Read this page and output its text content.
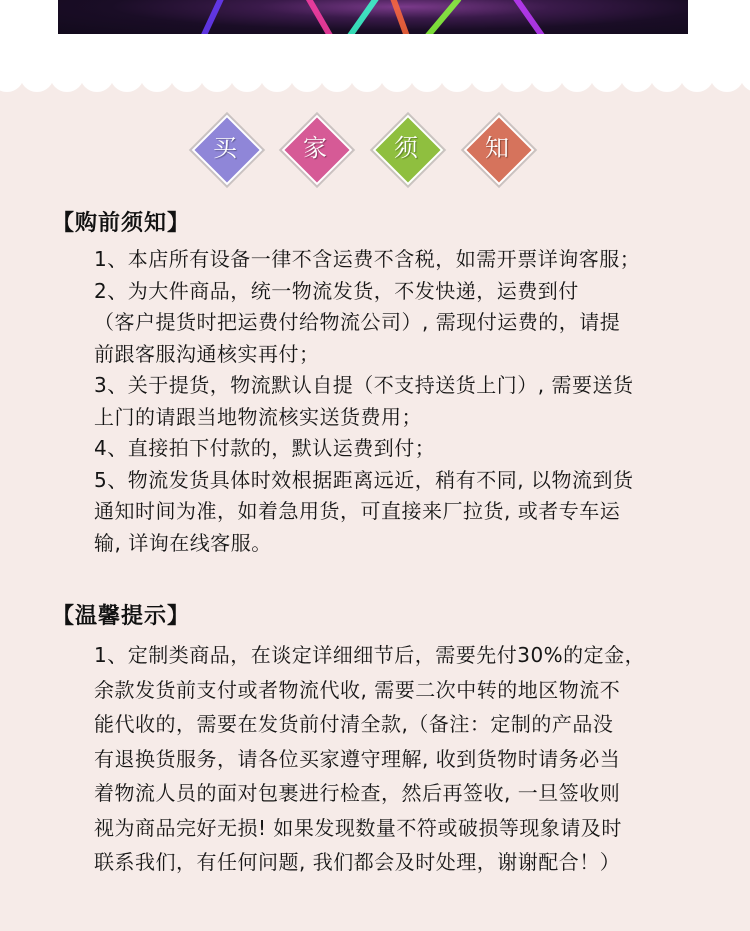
买	家	须	知
【购前须知】
1、本店所有设备一律不含运费不含税，如需开票详询客服；
2、为大件商品，统一物流发货，不发快递，运费到付
（客户提货时把运费付给物流公司）, 需现付运费的，请提
前跟客服沟通核实再付；
3、关于提货，物流默认自提（不支持送货上门）, 需要送货
上门的请跟当地物流核实送货费用；
4、直接拍下付款的，默认运费到付；
5、物流发货具体时效根据距离远近，稍有不同, 以物流到货
通知时间为准，如着急用货，可直接来厂拉货, 或者专车运
输, 详询在线客服。
【温馨提示】
1、定制类商品，在谈定详细细节后，需要先付30%的定金，
余款发货前支付或者物流代收, 需要二次中转的地区物流不
能代收的，需要在发货前付清全款,（备注：定制的产品没
有退换货服务，请各位买家遵守理解, 收到货物时请务必当
着物流人员的面对包裹进行检查，然后再签收, 一旦签收则
视为商品完好无损! 如果发现数量不符或破损等现象请及时
联系我们，有任何问题, 我们都会及时处理，谢谢配合！）
